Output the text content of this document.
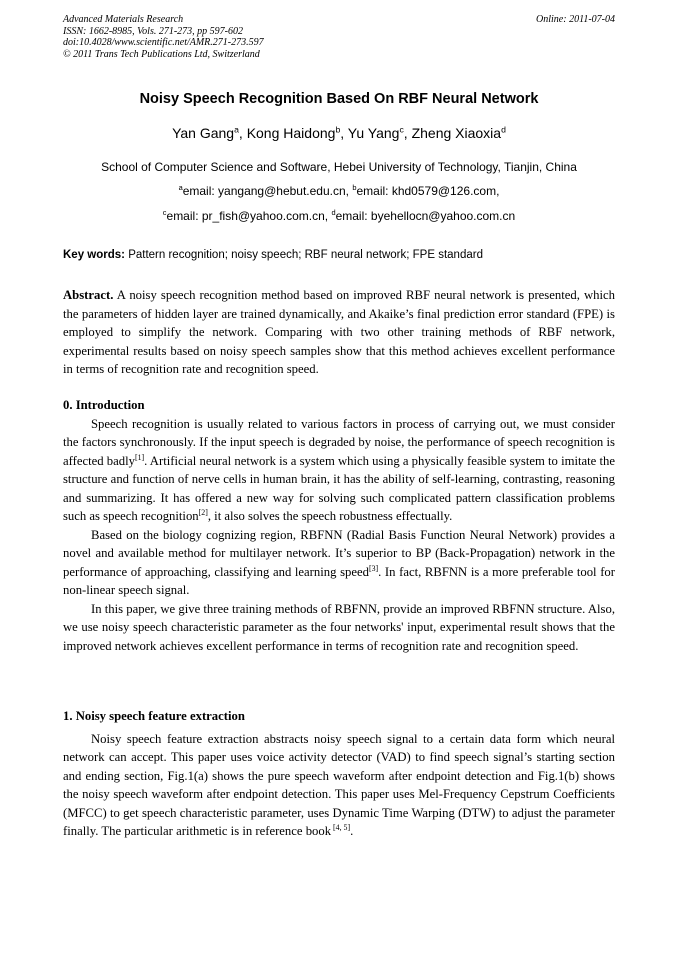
Advanced Materials Research
ISSN: 1662-8985, Vols. 271-273, pp 597-602
doi:10.4028/www.scientific.net/AMR.271-273.597
© 2011 Trans Tech Publications Ltd, Switzerland
Online: 2011-07-04
Noisy Speech Recognition Based On RBF Neural Network
Yan Gang$^a$, Kong Haidong$^b$, Yu Yang$^c$, Zheng Xiaoxia$^d$
School of Computer Science and Software, Hebei University of Technology, Tianjin, China
$^a$email: yangang@hebut.edu.cn, $^b$email: khd0579@126.com,
$^c$email: pr_fish@yahoo.com.cn, $^d$email: byehellocn@yahoo.com.cn
Key words: Pattern recognition; noisy speech; RBF neural network; FPE standard

Abstract. A noisy speech recognition method based on improved RBF neural network is presented, which the parameters of hidden layer are trained dynamically, and Akaike’s final prediction error standard (FPE) is employed to simplify the network. Comparing with two other training methods of RBF network, experimental results based on noisy speech samples show that this method achieves excellent performance in terms of recognition rate and recognition speed.

0. Introduction

Speech recognition is usually related to various factors in process of carrying out, we must consider the factors synchronously. If the input speech is degraded by noise, the performance of speech recognition is affected badly[1]. Artificial neural network is a system which using a physically feasible system to imitate the structure and function of nerve cells in human brain, it has the ability of self-learning, contrasting, reasoning and summarizing. It has offered a new way for solving such complicated pattern classification problems such as speech recognition[2], it also solves the speech robustness effectually.

Based on the biology cognizing region, RBFNN (Radial Basis Function Neural Network) provides a novel and available method for multilayer network. It’s superior to BP (Back-Propagation) network in the performance of approaching, classifying and learning speed[3]. In fact, RBFNN is a more preferable tool for non-linear speech signal.

In this paper, we give three training methods of RBFNN, provide an improved RBFNN structure. Also, we use noisy speech characteristic parameter as the four networks' input, experimental result shows that the improved network achieves excellent performance in terms of recognition rate and recognition speed.

1. Noisy speech feature extraction

Noisy speech feature extraction abstracts noisy speech signal to a certain data form which neural network can accept. This paper uses voice activity detector (VAD) to find speech signal’s starting section and ending section, Fig.1(a) shows the pure speech waveform after endpoint detection and Fig.1(b) shows the noisy speech waveform after endpoint detection. This paper uses Mel-Frequency Cepstrum Coefficients (MFCC) to get speech characteristic parameter, uses Dynamic Time Warping (DTW) to adjust the parameter finally. The particular arithmetic is in reference book [4, 5].
